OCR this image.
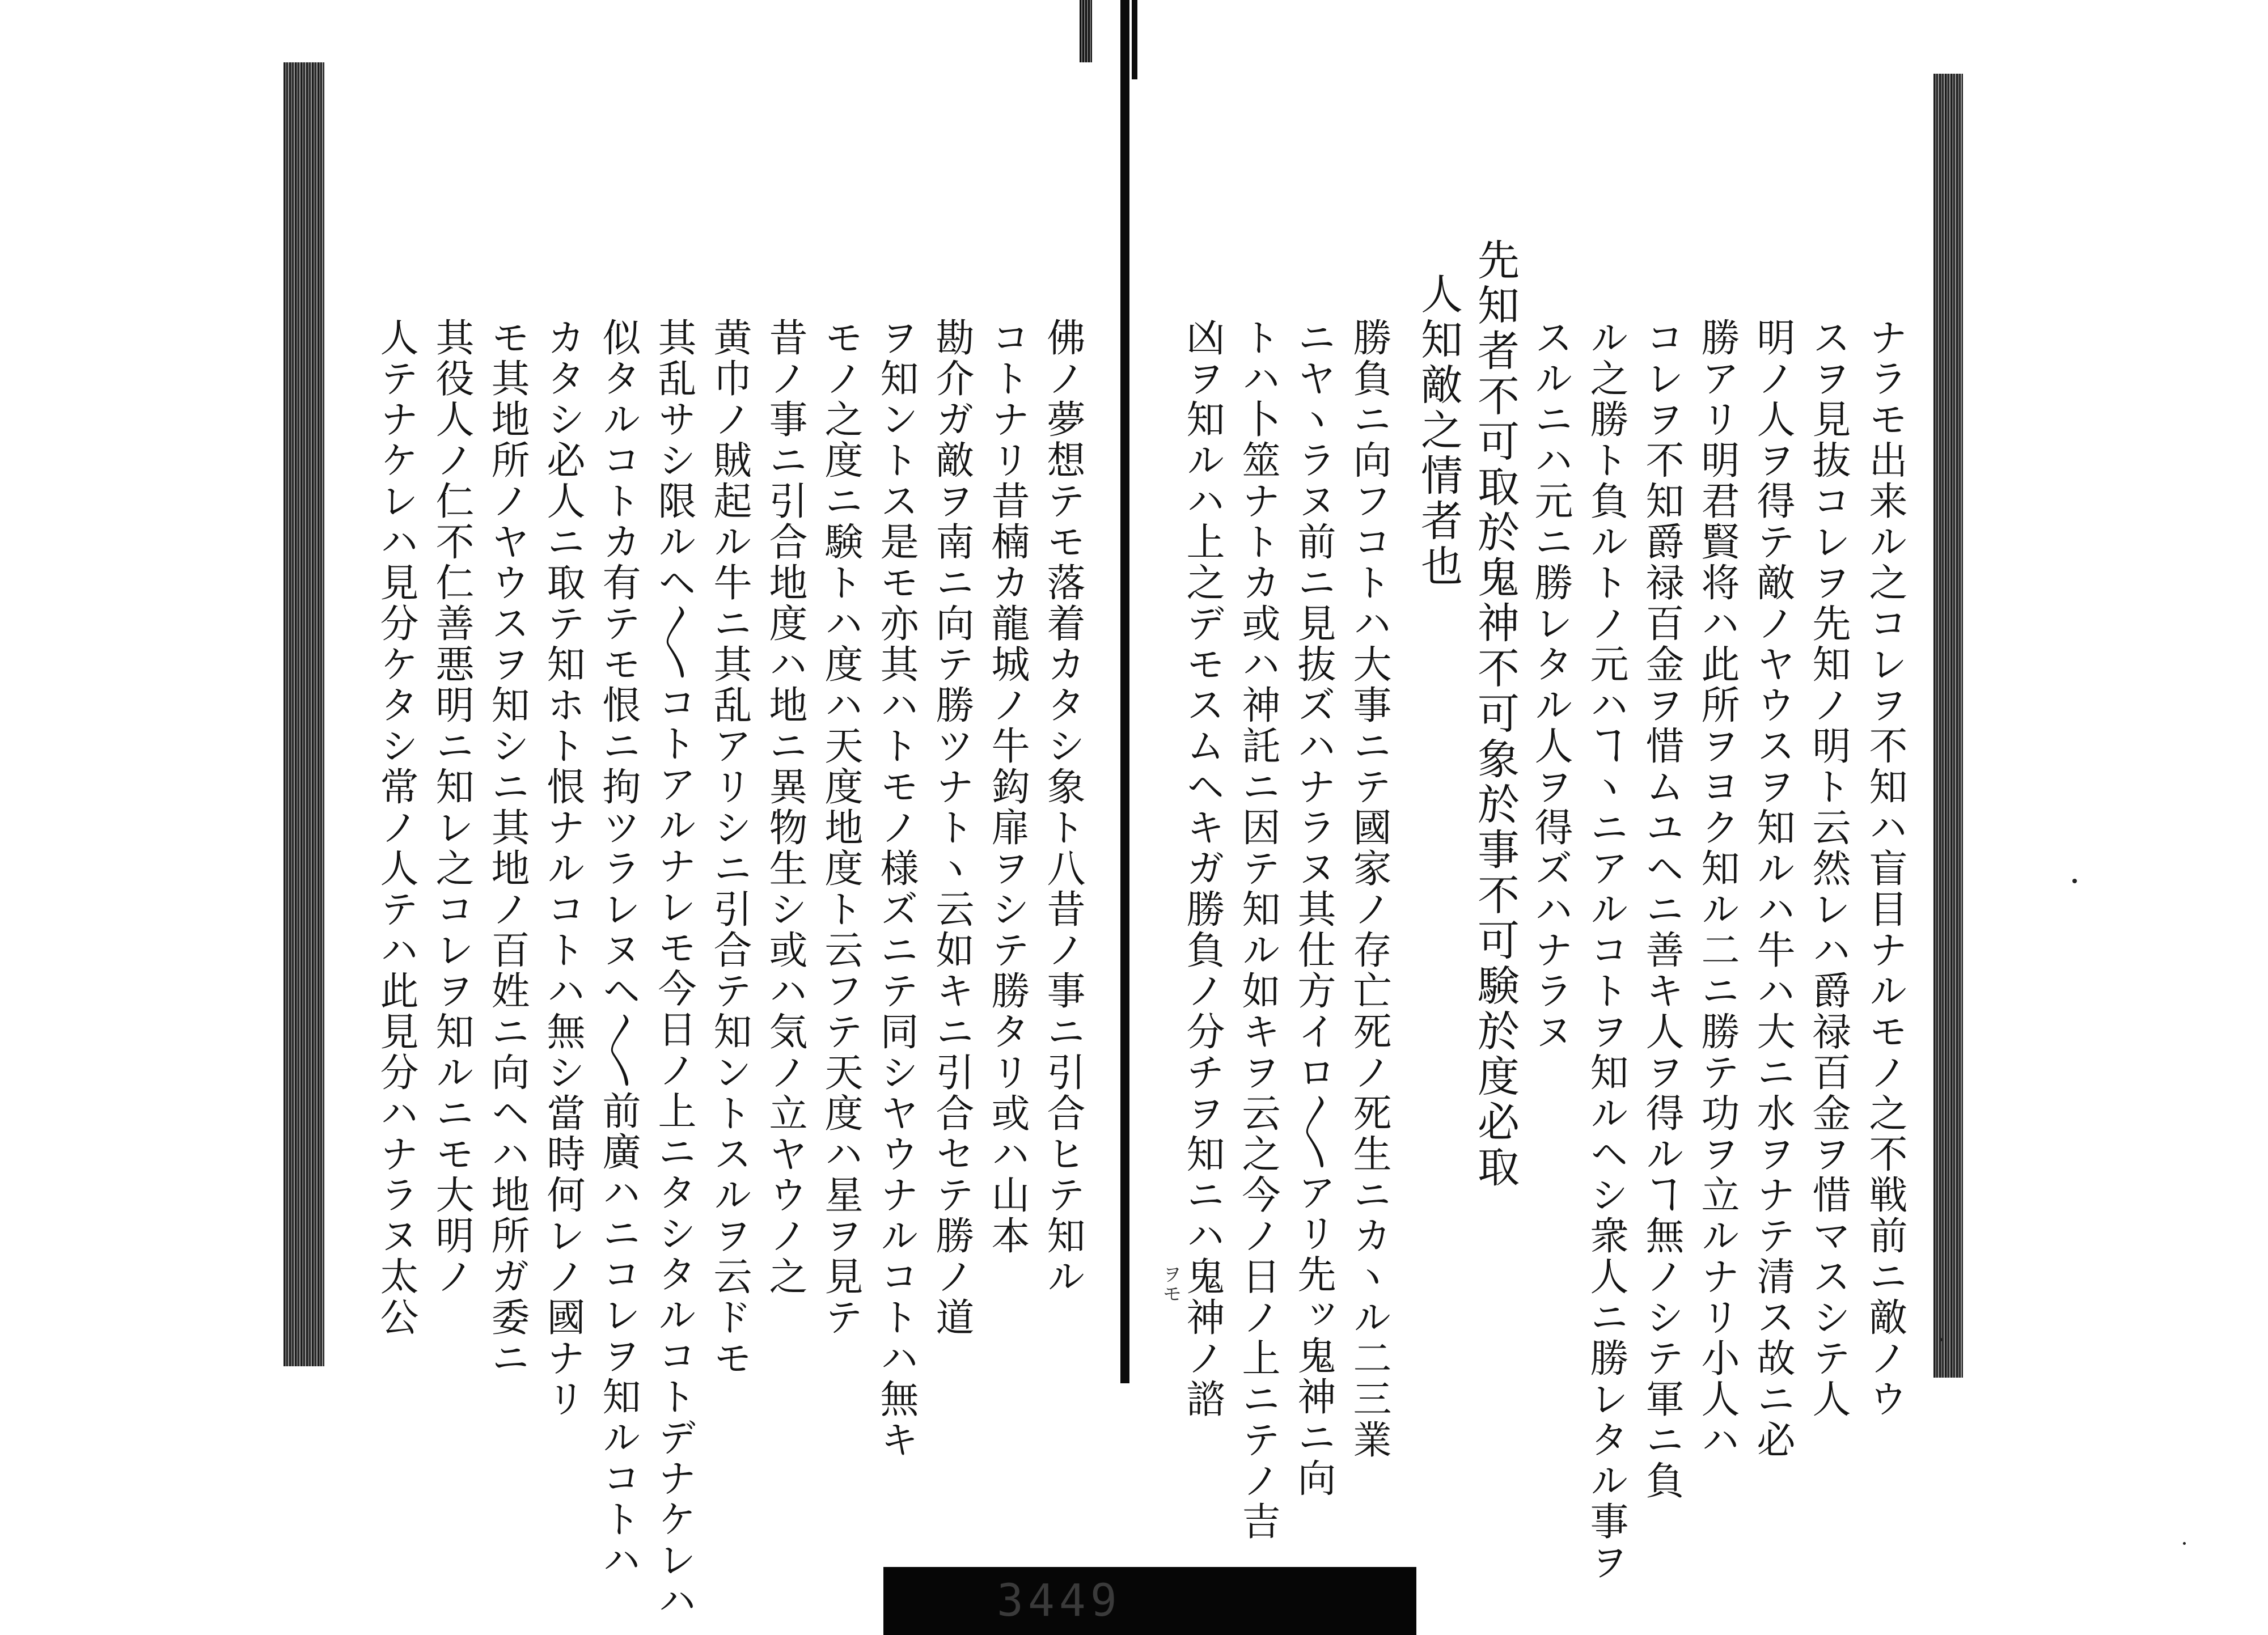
ナラモ出来ル之コレヲ不知ハ盲目ナルモノ之不戦前ニ敵ノウ
スヲ見抜コレヲ先知ノ明ト云然レハ爵禄百金ヲ惜マスシテ人
明ノ人ヲ得テ敵ノヤウスヲ知ルハ牛ハ大ニ水ヲナテ清ス故ニ必
勝アリ明君賢将ハ此所ヲヨク知ル二ニ勝テ功ヲ立ルナリ小人ハ
コレヲ不知爵禄百金ヲ惜ムユヘニ善キ人ヲ得ルヿ無ノシテ軍ニ負
ル之勝ト負ルトノ元ハヿヽニアルコトヲ知ルヘシ衆人ニ勝レタル事ヲ
スルニハ元ニ勝レタル人ヲ得ズハナラヌ
先知者不可取於鬼神不可象於事不可験於度必取
人知敵之情者也
勝負ニ向フコトハ大事ニテ國家ノ存亡死ノ死生ニカヽル二三業
ニヤヽラヌ前ニ見抜ズハナラヌ其仕方イロ〳〵アリ先ッ鬼神ニ向
トハ卜筮ナトカ或ハ神託ニ因テ知ル如キヲ云之今ノ日ノ上ニテノ吉
凶ヲ知ルハ上之デモスムヘキガ勝負ノ分チヲ知ニハ鬼神ノ諮
ヲモ
佛ノ夢想テモ落着カタシ象ト八昔ノ事ニ引合ヒテ知ル
コトナリ昔楠カ龍城ノ牛鈎扉ヲシテ勝タリ或ハ山本
勘介ガ敵ヲ南ニ向テ勝ツナトヽ云如キニ引合セテ勝ノ道
ヲ知ントス是モ亦其ハトモノ様ズニテ同シヤウナルコトハ無キ
モノ之度ニ験トハ度ハ天度地度ト云フテ天度ハ星ヲ見テ
昔ノ事ニ引合地度ハ地ニ異物生シ或ハ気ノ立ヤウノ之
黄巾ノ賊起ル牛ニ其乱アリシニ引合テ知ントスルヲ云ドモ
其乱サシ限ルヘ〳〵コトアルナレモ今日ノ上ニタシタルコトデナケレハ
似タルコトカ有テモ恨ニ拘ツラレヌヘ〳〵前廣ハニコレヲ知ルコトハ
カタシ必人ニ取テ知ホト恨ナルコトハ無シ當時何レノ國ナリ
モ其地所ノヤウスヲ知シニ其地ノ百姓ニ向ヘハ地所ガ委ニ
其役人ノ仁不仁善悪明ニ知レ之コレヲ知ルニモ大明ノ
人テナケレハ見分ケタシ常ノ人テハ此見分ハナラヌ太公
3449
